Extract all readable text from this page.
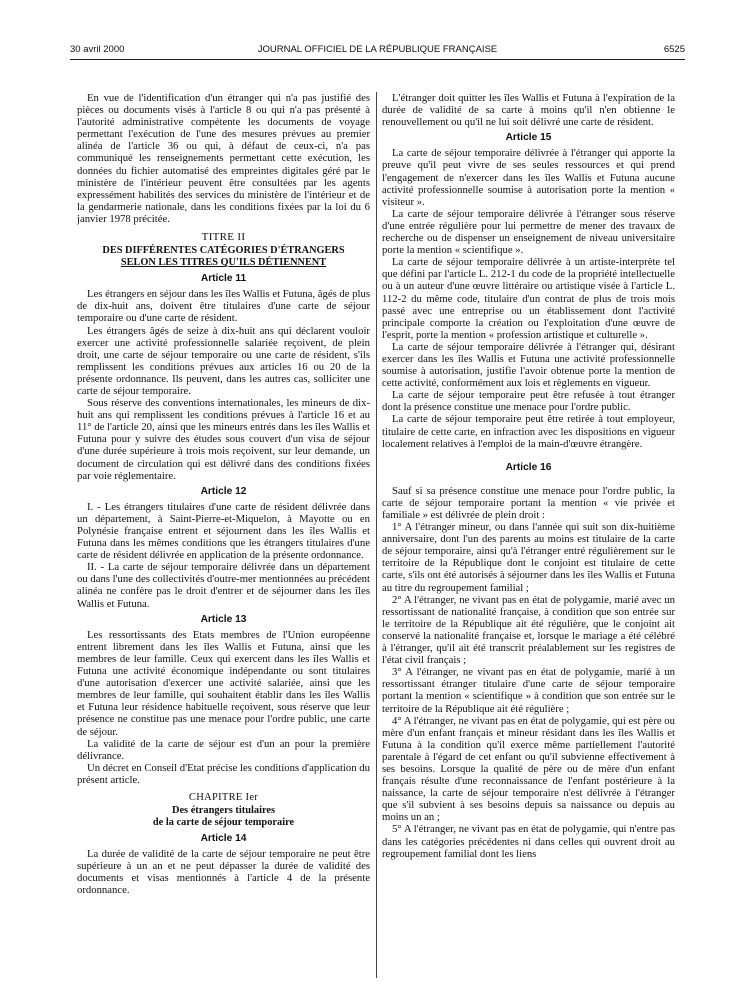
30 avril 2000	JOURNAL OFFICIEL DE LA RÉPUBLIQUE FRANÇAISE	6525

En vue de l'identification d'un étranger qui n'a pas justifié des pièces ou documents visés à l'article 8 ou qui n'a pas présenté à l'autorité administrative compétente les documents de voyage permettant l'exécution de l'une des mesures prévues au premier alinéa de l'article 36 ou qui, à défaut de ceux-ci, n'a pas communiqué les renseignements permettant cette exécution, les données du fichier automatisé des empreintes digitales géré par le ministère de l'intérieur peuvent être consultées par les agents expressément habilités des services du ministère de l'intérieur et de la gendarmerie nationale, dans les conditions fixées par la loi du 6 janvier 1978 précitée.

TITRE II
DES DIFFÉRENTES CATÉGORIES D'ÉTRANGERS
SELON LES TITRES QU'ILS DÉTIENNENT
Article 11

Les étrangers en séjour dans les îles Wallis et Futuna, âgés de plus de dix-huit ans, doivent être titulaires d'une carte de séjour temporaire ou d'une carte de résident.

Les étrangers âgés de seize à dix-huit ans qui déclarent vouloir exercer une activité professionnelle salariée reçoivent, de plein droit, une carte de séjour temporaire ou une carte de résident, s'ils remplissent les conditions prévues aux articles 16 ou 20 de la présente ordonnance. Ils peuvent, dans les autres cas, solliciter une carte de séjour temporaire.

Sous réserve des conventions internationales, les mineurs de dix-huit ans qui remplissent les conditions prévues à l'article 16 et au 11° de l'article 20, ainsi que les mineurs entrés dans les îles Wallis et Futuna pour y suivre des études sous couvert d'un visa de séjour d'une durée supérieure à trois mois reçoivent, sur leur demande, un document de circulation qui est délivré dans des conditions fixées par voie réglementaire.

Article 12

I. - Les étrangers titulaires d'une carte de résident délivrée dans un département, à Saint-Pierre-et-Miquelon, à Mayotte ou en Polynésie française entrent et séjournent dans les îles Wallis et Futuna dans les mêmes conditions que les étrangers titulaires d'une carte de résident délivrée en application de la présente ordonnance.

II. - La carte de séjour temporaire délivrée dans un département ou dans l'une des collectivités d'outre-mer mentionnées au précédent alinéa ne confère pas le droit d'entrer et de séjourner dans les îles Wallis et Futuna.

Article 13

Les ressortissants des Etats membres de l'Union européenne entrent librement dans les îles Wallis et Futuna, ainsi que les membres de leur famille. Ceux qui exercent dans les îles Wallis et Futuna une activité économique indépendante ou sont titulaires d'une autorisation d'exercer une activité salariée, ainsi que les membres de leur famille, qui souhaitent établir dans les îles Wallis et Futuna leur résidence habituelle reçoivent, sous réserve que leur présence ne constitue pas une menace pour l'ordre public, une carte de séjour.

La validité de la carte de séjour est d'un an pour la première délivrance.

Un décret en Conseil d'Etat précise les conditions d'application du présent article.

CHAPITRE Ier
Des étrangers titulaires
de la carte de séjour temporaire
Article 14

La durée de validité de la carte de séjour temporaire ne peut être supérieure à un an et ne peut dépasser la durée de validité des documents et visas mentionnés à l'article 4 de la présente ordonnance.

L'étranger doit quitter les îles Wallis et Futuna à l'expiration de la durée de validité de sa carte à moins qu'il n'en obtienne le renouvellement ou qu'il ne lui soit délivré une carte de résident.

Article 15

La carte de séjour temporaire délivrée à l'étranger qui apporte la preuve qu'il peut vivre de ses seules ressources et qui prend l'engagement de n'exercer dans les îles Wallis et Futuna aucune activité professionnelle soumise à autorisation porte la mention « visiteur ».

La carte de séjour temporaire délivrée à l'étranger sous réserve d'une entrée régulière pour lui permettre de mener des travaux de recherche ou de dispenser un enseignement de niveau universitaire porte la mention « scientifique ».

La carte de séjour temporaire délivrée à un artiste-interprète tel que défini par l'article L. 212-1 du code de la propriété intellectuelle ou à un auteur d'une œuvre littéraire ou artistique visée à l'article L. 112-2 du même code, titulaire d'un contrat de plus de trois mois passé avec une entreprise ou un établissement dont l'activité principale comporte la création ou l'exploitation d'une œuvre de l'esprit, porte la mention « profession artistique et culturelle ».

La carte de séjour temporaire délivrée à l'étranger qui, désirant exercer dans les îles Wallis et Futuna une activité professionnelle soumise à autorisation, justifie l'avoir obtenue porte la mention de cette activité, conformément aux lois et règlements en vigueur.

La carte de séjour temporaire peut être refusée à tout étranger dont la présence constitue une menace pour l'ordre public.

La carte de séjour temporaire peut être retirée à tout employeur, titulaire de cette carte, en infraction avec les dispositions en vigueur localement relatives à l'emploi de la main-d'œuvre étrangère.

Article 16

Sauf si sa présence constitue une menace pour l'ordre public, la carte de séjour temporaire portant la mention « vie privée et familiale » est délivrée de plein droit :

1° A l'étranger mineur, ou dans l'année qui suit son dix-huitième anniversaire, dont l'un des parents au moins est titulaire de la carte de séjour temporaire, ainsi qu'à l'étranger entré régulièrement sur le territoire de la République dont le conjoint est titulaire de cette carte, s'ils ont été autorisés à séjourner dans les îles Wallis et Futuna au titre du regroupement familial ;

2° A l'étranger, ne vivant pas en état de polygamie, marié avec un ressortissant de nationalité française, à condition que son entrée sur le territoire de la République ait été régulière, que le conjoint ait conservé la nationalité française et, lorsque le mariage a été célébré à l'étranger, qu'il ait été transcrit préalablement sur les registres de l'état civil français ;

3° A l'étranger, ne vivant pas en état de polygamie, marié à un ressortissant étranger titulaire d'une carte de séjour temporaire portant la mention « scientifique » à condition que son entrée sur le territoire de la République ait été régulière ;

4° A l'étranger, ne vivant pas en état de polygamie, qui est père ou mère d'un enfant français et mineur résidant dans les îles Wallis et Futuna à la condition qu'il exerce même partiellement l'autorité parentale à l'égard de cet enfant ou qu'il subvienne effectivement à ses besoins. Lorsque la qualité de père ou de mère d'un enfant français résulte d'une reconnaissance de l'enfant postérieure à la naissance, la carte de séjour temporaire n'est délivrée à l'étranger que s'il subvient à ses besoins depuis sa naissance ou depuis au moins un an ;

5° A l'étranger, ne vivant pas en état de polygamie, qui n'entre pas dans les catégories précédentes ni dans celles qui ouvrent droit au regroupement familial dont les liens
